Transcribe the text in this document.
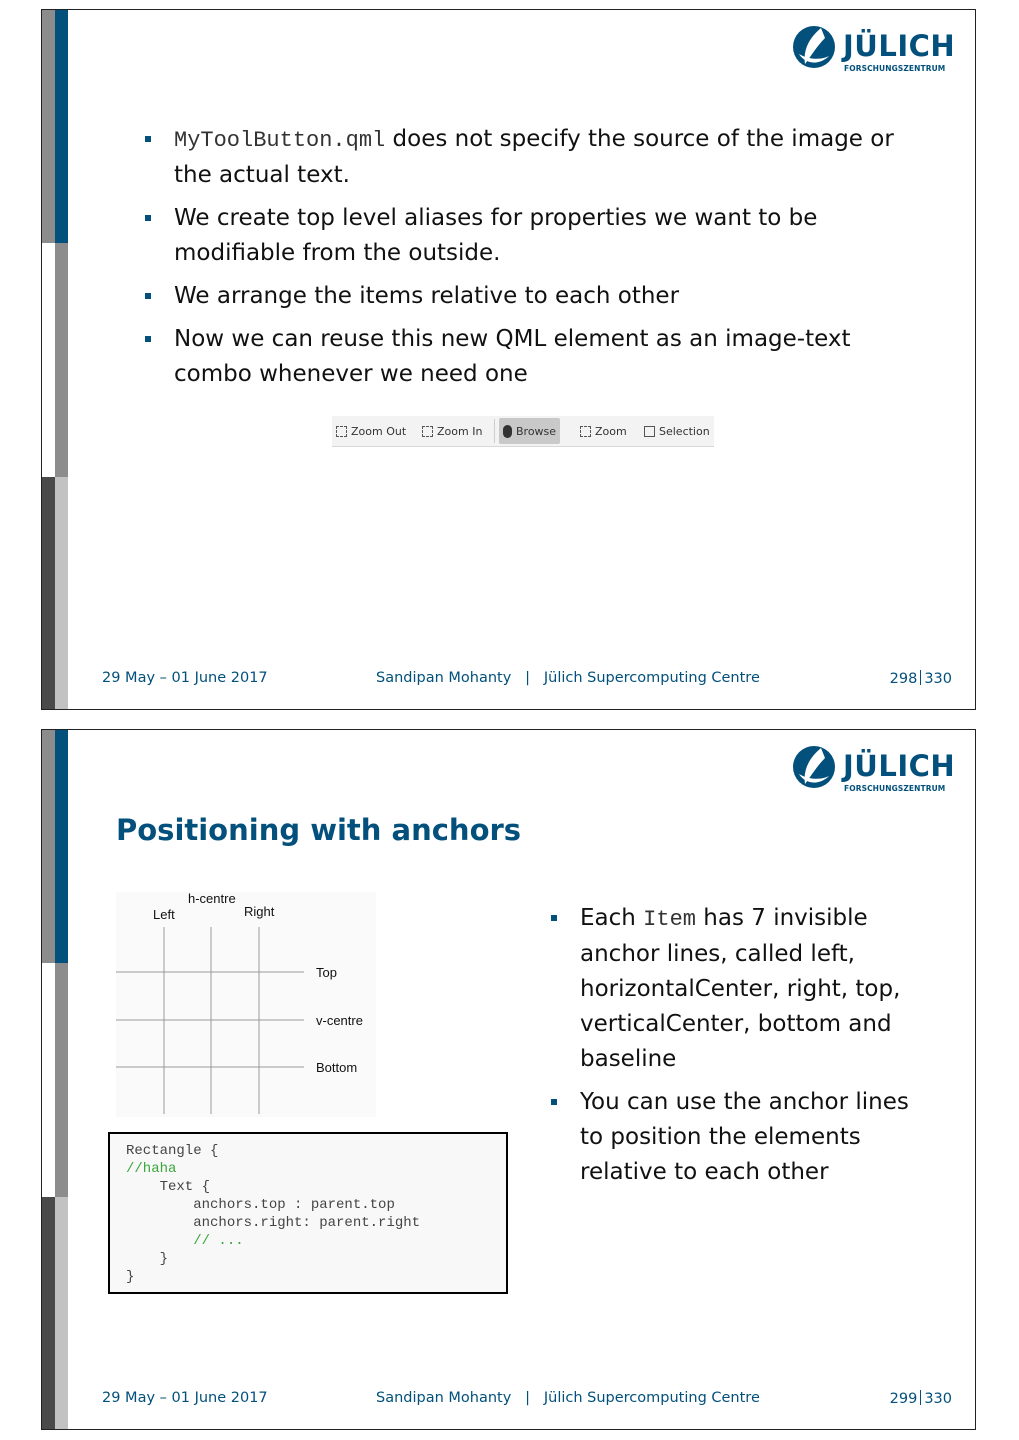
JÜLICH
FORSCHUNGSZENTRUM
MyToolButton.qml does not specify the source of the image or the actual text.
We create top level aliases for properties we want to be modifiable from the outside.
We arrange the items relative to each other
Now we can reuse this new QML element as an image-text combo whenever we need one
Zoom Out	Zoom In	Browse	Zoom	Selection
29 May – 01 June 2017	Sandipan Mohanty   |   Jülich Supercomputing Centre	298 330
JÜLICH
FORSCHUNGSZENTRUM
Positioning with anchors
Left
h-centre
Right
Top
v-centre
Bottom
Rectangle {
//haha
Text {
anchors.top : parent.top
anchors.right: parent.right
// ...
}
}
Each Item has 7 invisible anchor lines, called left, horizontalCenter, right, top, verticalCenter, bottom and baseline
You can use the anchor lines to position the elements relative to each other
29 May – 01 June 2017	Sandipan Mohanty   |   Jülich Supercomputing Centre	299 330
